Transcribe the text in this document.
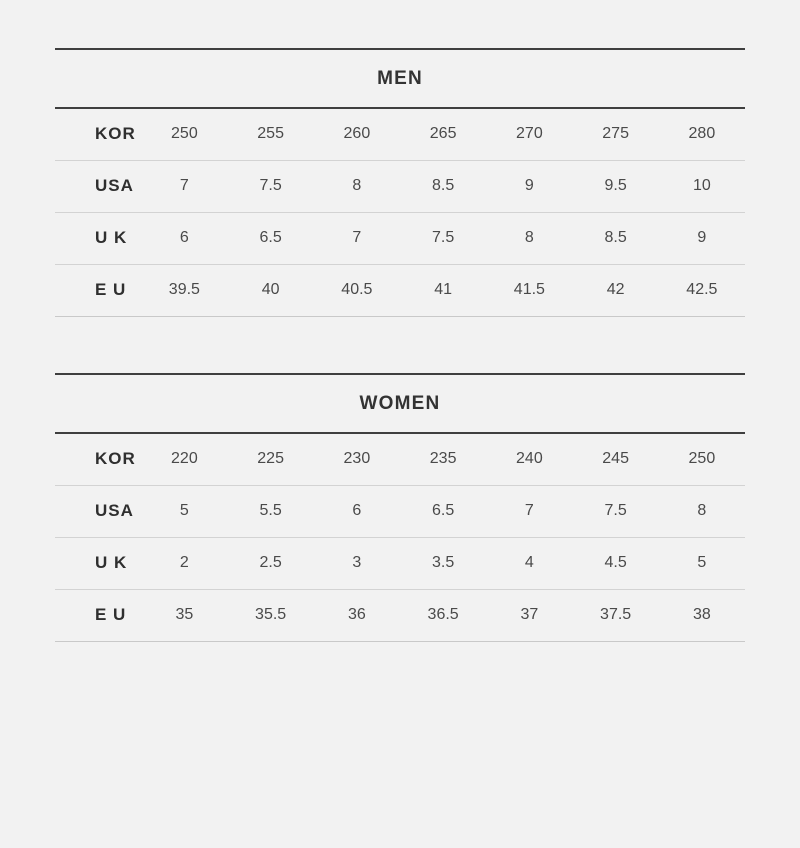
MEN							
KOR	250	255	260	265	270	275	280
USA	7	7.5	8	8.5	9	9.5	10
U K	6	6.5	7	7.5	8	8.5	9
E U	39.5	40	40.5	41	41.5	42	42.5
WOMEN							
KOR	220	225	230	235	240	245	250
USA	5	5.5	6	6.5	7	7.5	8
U K	2	2.5	3	3.5	4	4.5	5
E U	35	35.5	36	36.5	37	37.5	38
